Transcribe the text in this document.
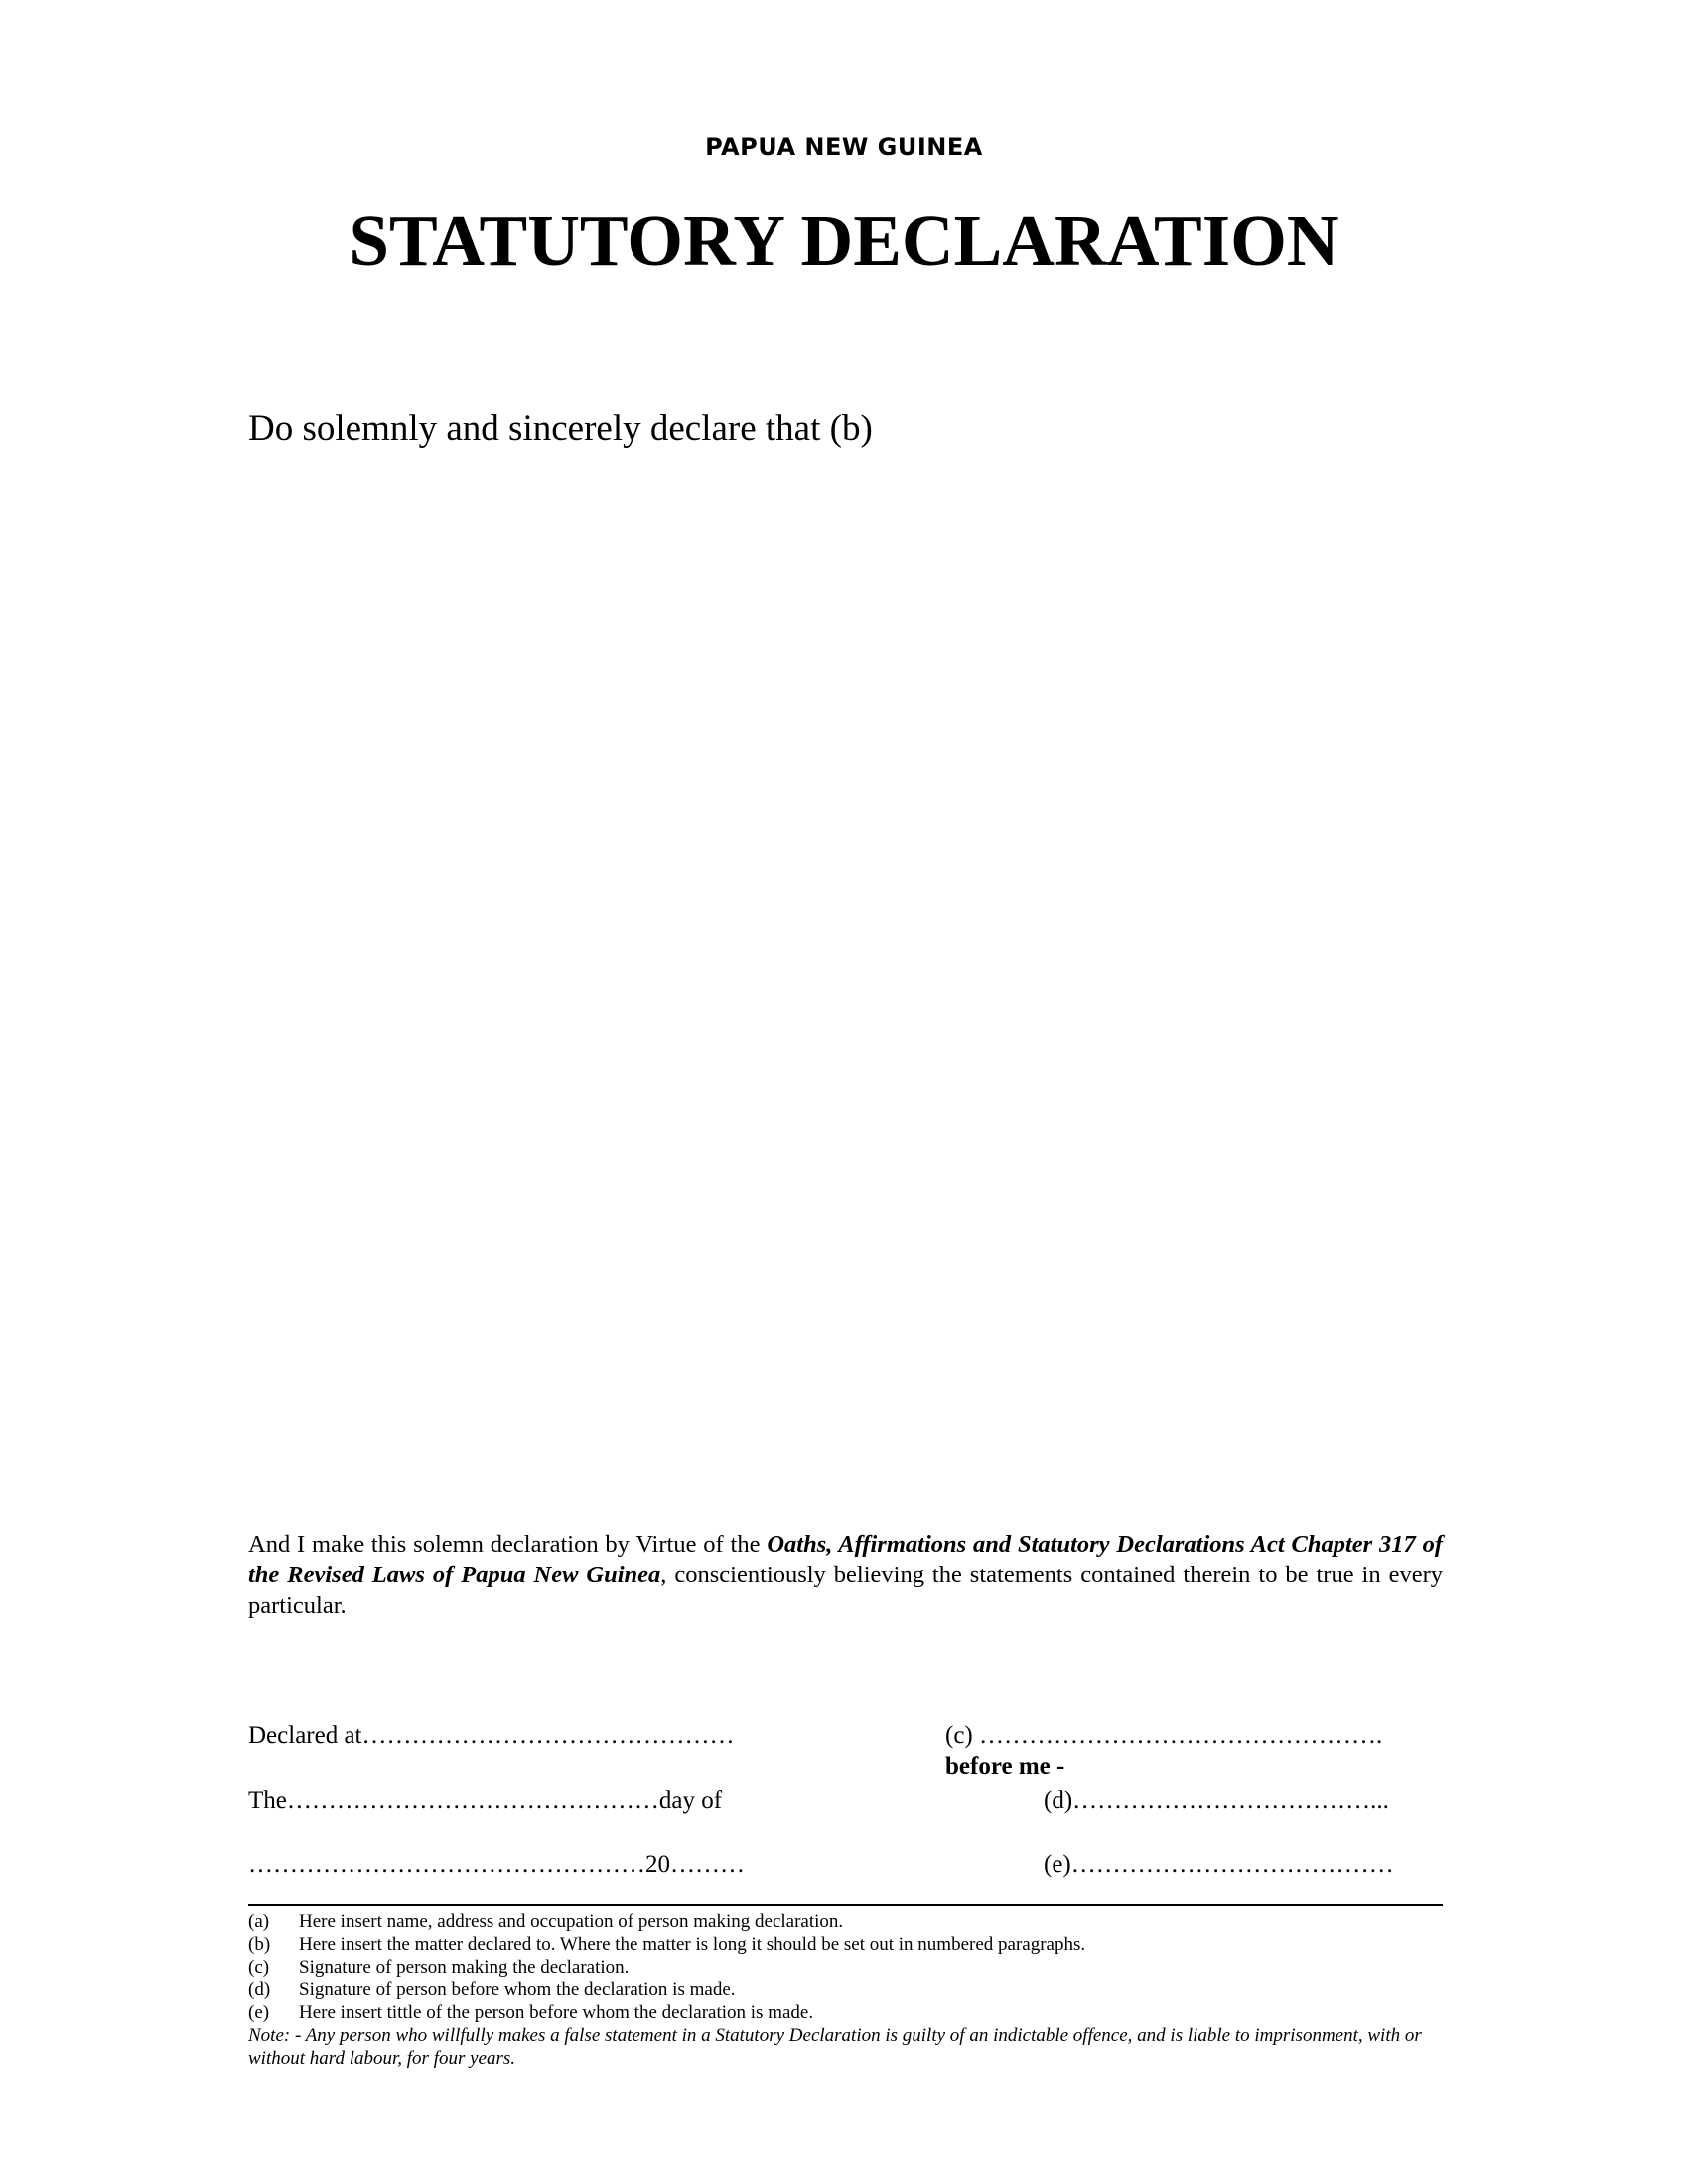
PAPUA NEW GUINEA
STATUTORY DECLARATION
Do solemnly and sincerely declare that (b)
And I make this solemn declaration by Virtue of the Oaths, Affirmations and Statutory Declarations Act Chapter 317 of the Revised Laws of Papua New Guinea, conscientiously believing the statements contained therein to be true in every particular.
Declared at………………………………………
The………………………………………day of
…………………………………………20………
(c) ………………………………………….
before me -
(d)………………………………...
(e)…………………………………
(a)	Here insert name, address and occupation of person making declaration.
(b)	Here insert the matter declared to. Where the matter is long it should be set out in numbered paragraphs.
(c)	Signature of person making the declaration.
(d)	Signature of person before whom the declaration is made.
(e)	Here insert tittle of the person before whom the declaration is made.
Note: - Any person who willfully makes a false statement in a Statutory Declaration is guilty of an indictable offence, and is liable to imprisonment, with or without hard labour, for four years.
